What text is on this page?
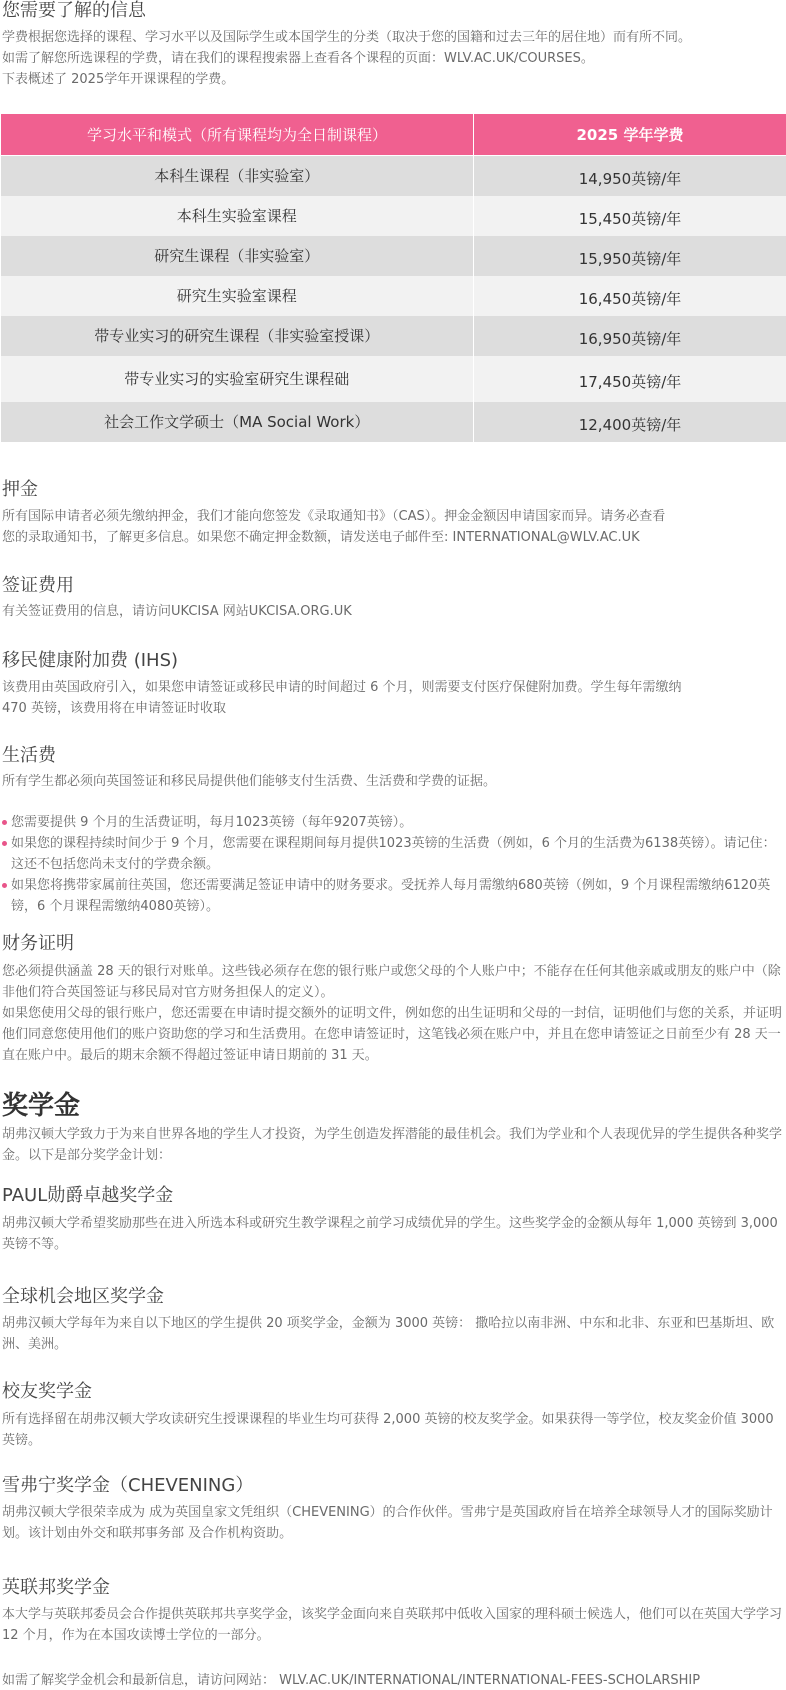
您需要了解的信息
学费根据您选择的课程、学习水平以及国际学生或本国学生的分类（取决于您的国籍和过去三年的居住地）而有所不同。
如需了解您所选课程的学费，请在我们的课程搜索器上查看各个课程的页面：WLV.AC.UK/COURSES。
下表概述了 2025学年开课课程的学费。
学习水平和模式（所有课程均为全日制课程）	2025 学年学费
本科生课程（非实验室）	14,950英镑/年
本科生实验室课程	15,450英镑/年
研究生课程（非实验室）	15,950英镑/年
研究生实验室课程	16,450英镑/年
带专业实习的研究生课程（非实验室授课）	16,950英镑/年
带专业实习的实验室研究生课程础	17,450英镑/年
社会工作文学硕士（MA Social Work）	12,400英镑/年
押金
所有国际申请者必须先缴纳押金，我们才能向您签发《录取通知书》（CAS）。押金金额因申请国家而异。请务必查看
您的录取通知书，了解更多信息。如果您不确定押金数额，请发送电子邮件至: INTERNATIONAL@WLV.AC.UK
签证费用
有关签证费用的信息，请访问UKCISA 网站UKCISA.ORG.UK
移民健康附加费 (IHS)
该费用由英国政府引入，如果您申请签证或移民申请的时间超过 6 个月，则需要支付医疗保健附加费。学生每年需缴纳
470 英镑，该费用将在申请签证时收取
生活费
所有学生都必须向英国签证和移民局提供他们能够支付生活费、生活费和学费的证据。
您需要提供 9 个月的生活费证明，每月1023英镑（每年9207英镑）。
如果您的课程持续时间少于 9 个月，您需要在课程期间每月提供1023英镑的生活费（例如，6 个月的生活费为6138英镑）。请记住：这还不包括您尚未支付的学费余额。
如果您将携带家属前往英国，您还需要满足签证申请中的财务要求。受抚养人每月需缴纳680英镑（例如，9 个月课程需缴纳6120英镑，6 个月课程需缴纳4080英镑）。
财务证明
您必须提供涵盖 28 天的银行对账单。这些钱必须存在您的银行账户或您父母的个人账户中；不能存在任何其他亲戚或朋友的账户中（除非他们符合英国签证与移民局对官方财务担保人的定义）。
如果您使用父母的银行账户，您还需要在申请时提交额外的证明文件，例如您的出生证明和父母的一封信，证明他们与您的关系，并证明他们同意您使用他们的账户资助您的学习和生活费用。在您申请签证时，这笔钱必须在账户中，并且在您申请签证之日前至少有 28 天一直在账户中。最后的期末余额不得超过签证申请日期前的 31 天。
奖学金
胡弗汉顿大学致力于为来自世界各地的学生人才投资，为学生创造发挥潜能的最佳机会。我们为学业和个人表现优异的学生提供各种奖学金。以下是部分奖学金计划：
PAUL勋爵卓越奖学金
胡弗汉顿大学希望奖励那些在进入所选本科或研究生教学课程之前学习成绩优异的学生。这些奖学金的金额从每年 1,000 英镑到 3,000 英镑不等。
全球机会地区奖学金
胡弗汉顿大学每年为来自以下地区的学生提供 20 项奖学金，金额为 3000 英镑： 撒哈拉以南非洲、中东和北非、东亚和巴基斯坦、欧洲、美洲。
校友奖学金
所有选择留在胡弗汉顿大学攻读研究生授课课程的毕业生均可获得 2,000 英镑的校友奖学金。如果获得一等学位，校友奖金价值 3000 英镑。
雪弗宁奖学金（CHEVENING）
胡弗汉顿大学很荣幸成为 成为英国皇家文凭组织（CHEVENING）的合作伙伴。雪弗宁是英国政府旨在培养全球领导人才的国际奖励计划。该计划由外交和联邦事务部 及合作机构资助。
英联邦奖学金
本大学与英联邦委员会合作提供英联邦共享奖学金，该奖学金面向来自英联邦中低收入国家的理科硕士候选人，他们可以在英国大学学习 12 个月，作为在本国攻读博士学位的一部分。
如需了解奖学金机会和最新信息，请访问网站： WLV.AC.UK/INTERNATIONAL/INTERNATIONAL-FEES-SCHOLARSHIP
